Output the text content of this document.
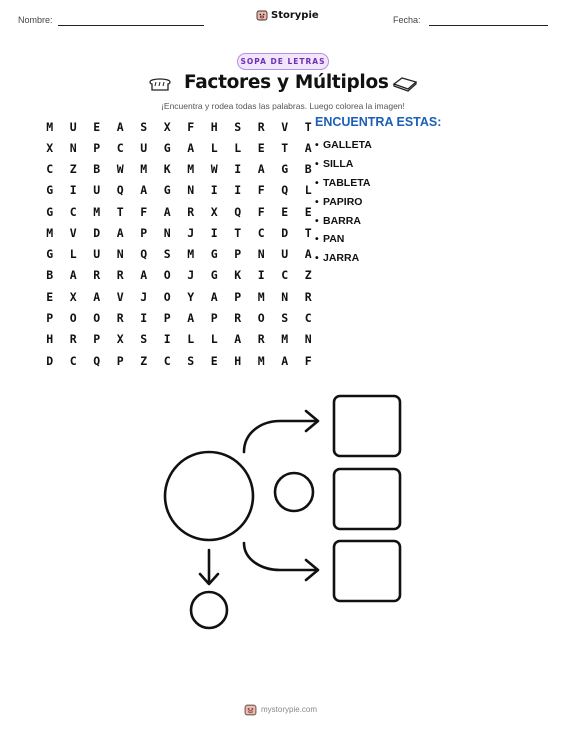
Nombre:	Storypie	Fecha:
SOPA DE LETRAS
Factores y Múltiplos
¡Encuentra y rodea todas las palabras. Luego colorea la imagen!
M	U	E	A	S	X	F	H	S	R	V	T
X	N	P	C	U	G	A	L	L	E	T	A
C	Z	B	W	M	K	M	W	I	A	G	B
G	I	U	Q	A	G	N	I	I	F	Q	L
G	C	M	T	F	A	R	X	Q	F	E	E
M	V	D	A	P	N	J	I	T	C	D	T
G	L	U	N	Q	S	M	G	P	N	U	A
B	A	R	R	A	O	J	G	K	I	C	Z
E	X	A	V	J	O	Y	A	P	M	N	R
P	O	O	R	I	P	A	P	R	O	S	C
H	R	P	X	S	I	L	L	A	R	M	N
D	C	Q	P	Z	C	S	E	H	M	A	F
ENCUENTRA ESTAS:
• GALLETA
• SILLA
• TABLETA
• PAPIRO
• BARRA
• PAN
• JARRA
mystorypie.com
